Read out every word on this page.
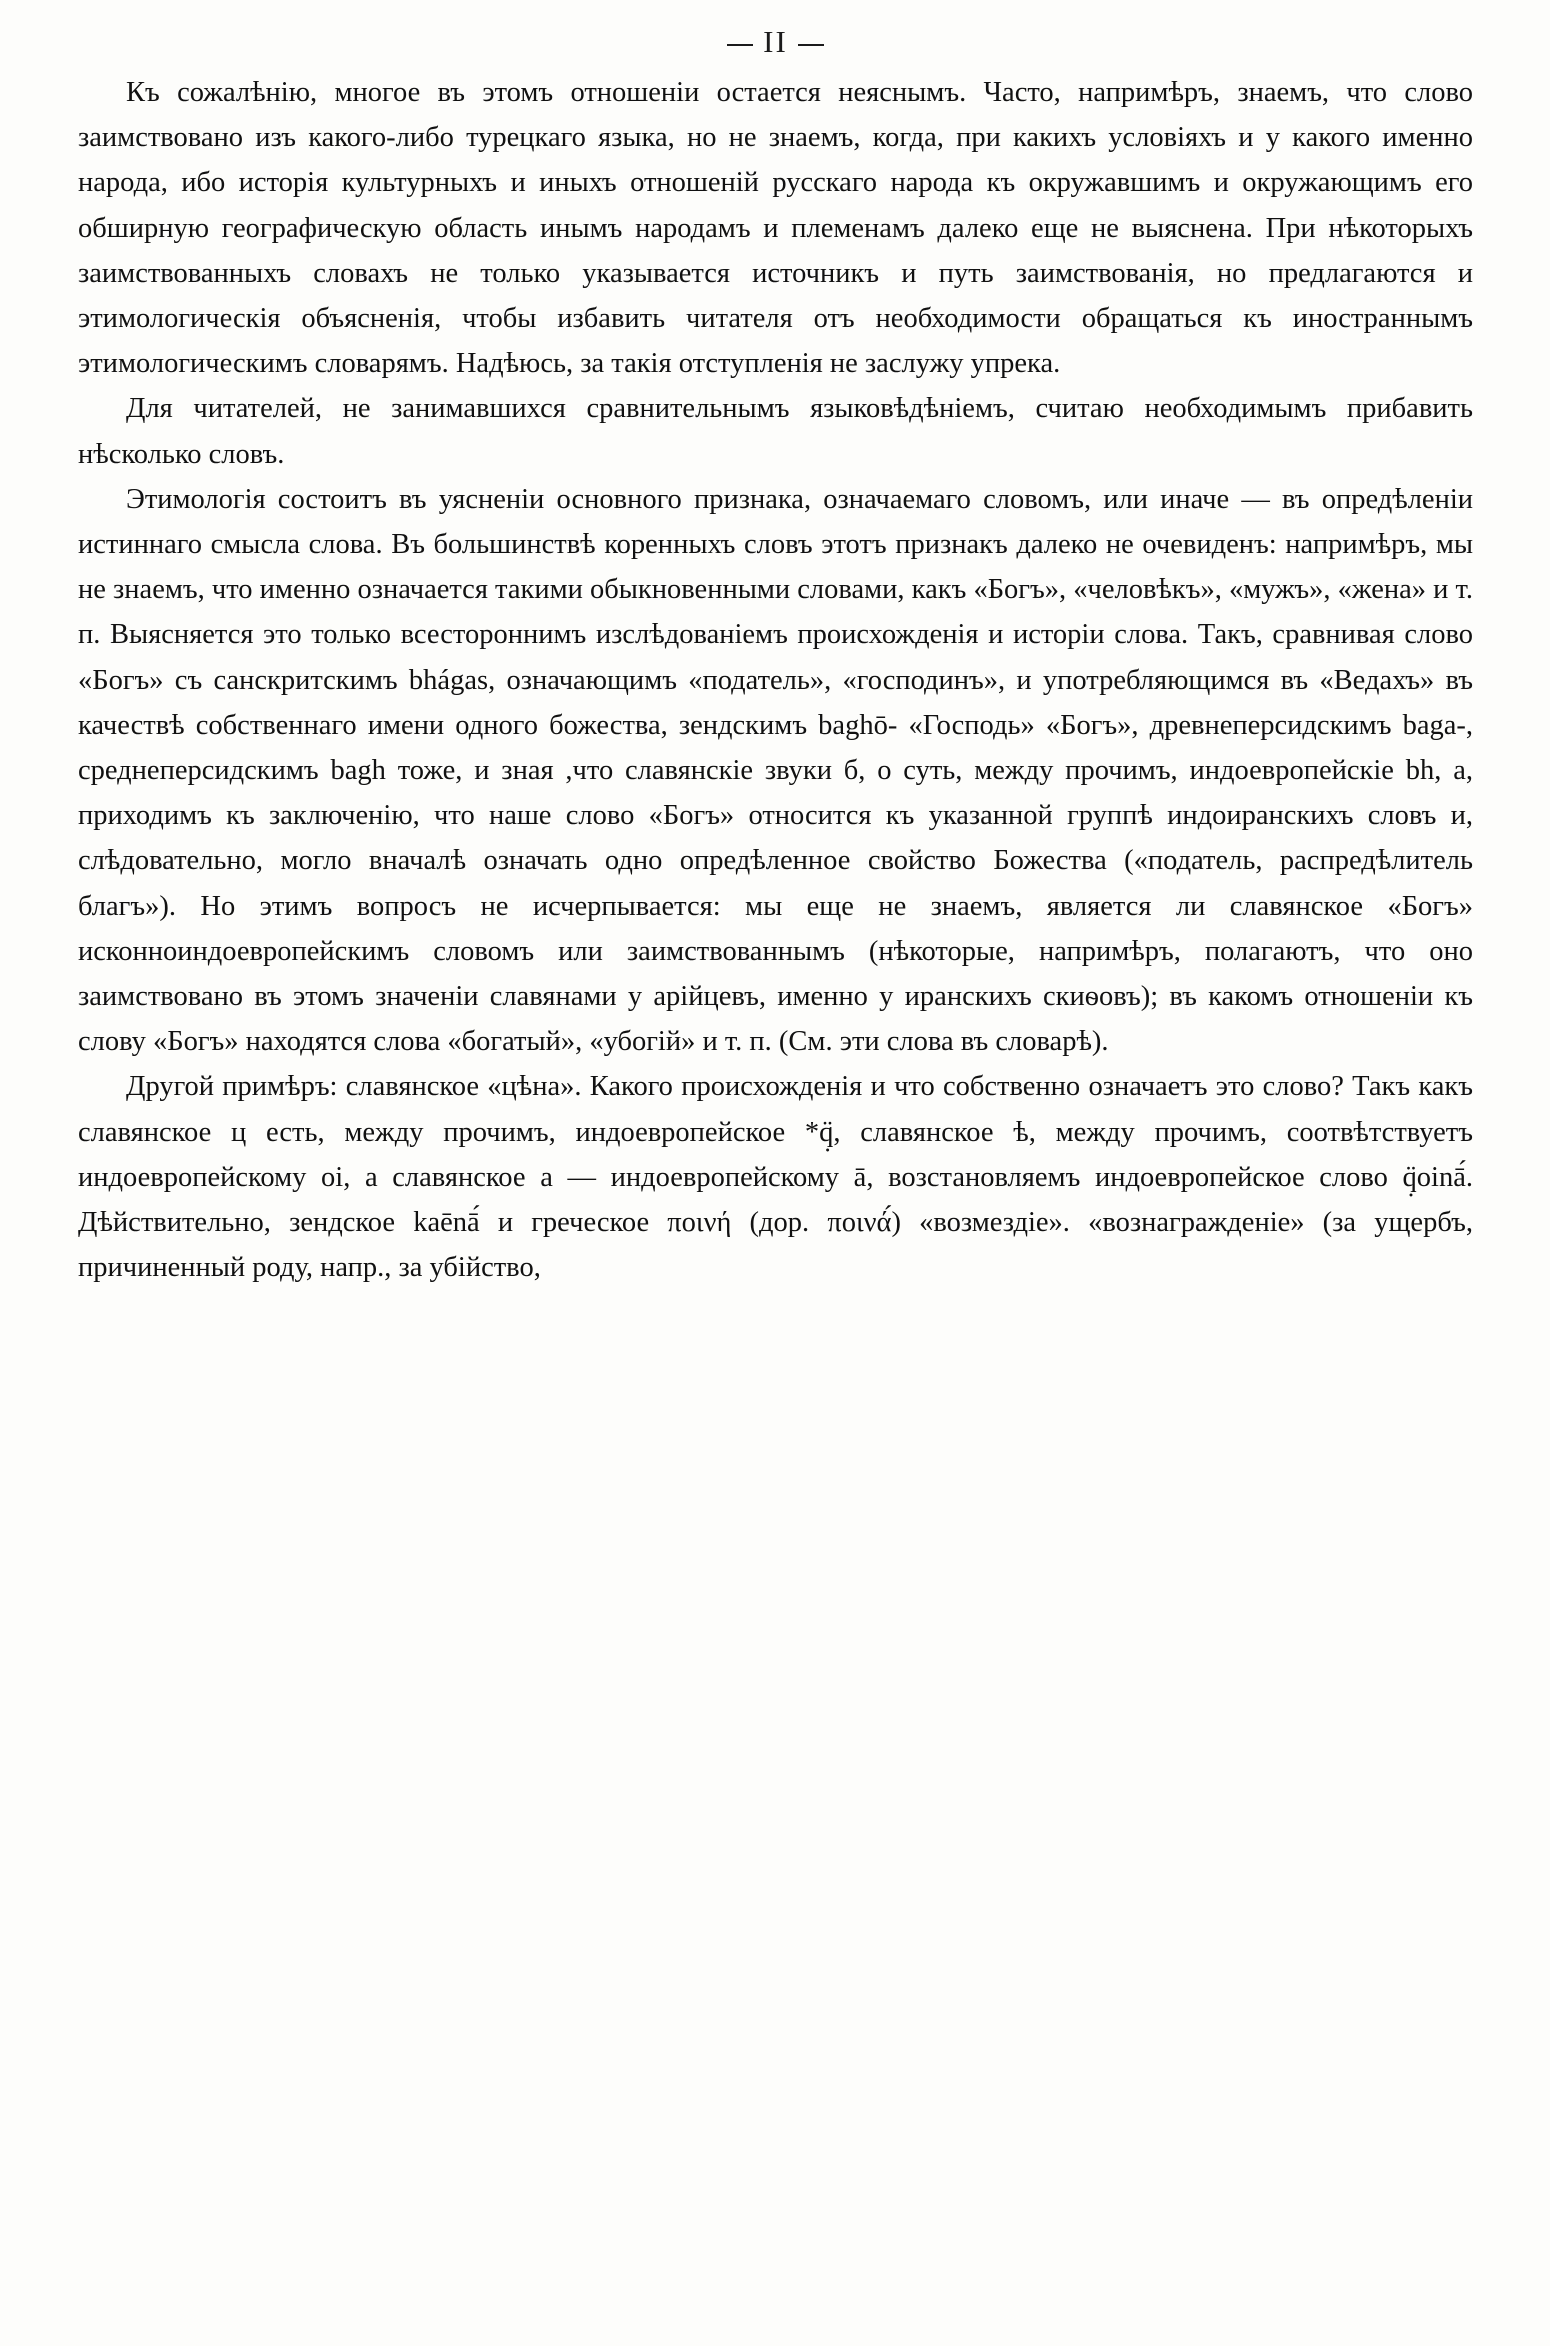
II

Къ сожалѣнію, многое въ этомъ отношеніи остается неяснымъ. Часто, напримѣръ, знаемъ, что слово заимствовано изъ какого-либо турецкаго языка, но не знаемъ, когда, при какихъ условіяхъ и у какого именно народа, ибо исторія культурныхъ и иныхъ отношеній русскаго народа къ окружавшимъ и окружающимъ его обширную географическую область инымъ народамъ и племенамъ далеко еще не выяснена. При нѣкоторыхъ заимствованныхъ словахъ не только указывается источникъ и путь заимствованія, но предлагаются и этимологическія объясненія, чтобы избавить читателя отъ необходимости обращаться къ иностраннымъ этимологическимъ словарямъ. Надѣюсь, за такія отступленія не заслужу упрека.

Для читателей, не занимавшихся сравнительнымъ языковѣдѣніемъ, считаю необходимымъ прибавить нѣсколько словъ.

Этимологія состоитъ въ уясненіи основного признака, означаемаго словомъ, или иначе — въ опредѣленіи истиннаго смысла слова. Въ большинствѣ коренныхъ словъ этотъ признакъ далеко не очевиденъ: напримѣръ, мы не знаемъ, что именно означается такими обыкновенными словами, какъ «Богъ», «человѣкъ», «мужъ», «жена» и т. п. Выясняется это только всестороннимъ изслѣдованіемъ происхожденія и исторіи слова. Такъ, сравнивая слово «Богъ» съ санскритскимъ bhágas, означающимъ «податель», «господинъ», и употребляющимся въ «Ведахъ» въ качествѣ собственнаго имени одного божества, зендскимъ baghō- «Господь» «Богъ», древнеперсидскимъ baga-, среднеперсидскимъ bagh тоже, и зная ,что славянскіе звуки б, о суть, между прочимъ, индоевропейскіе bh, а, приходимъ къ заключенію, что наше слово «Богъ» относится къ указанной группѣ индоиранскихъ словъ и, слѣдовательно, могло вначалѣ означать одно опредѣленное свойство Божества («податель, распредѣлитель благъ»). Но этимъ вопросъ не исчерпывается: мы еще не знаемъ, является ли славянское «Богъ» исконноиндоевропейскимъ словомъ или заимствованнымъ (нѣкоторые, напримѣръ, полагаютъ, что оно заимствовано въ этомъ значеніи славянами у арійцевъ, именно у иранскихъ скиѳовъ); въ какомъ отношеніи къ слову «Богъ» находятся слова «богатый», «убогій» и т. п. (См. эти слова въ словарѣ).

Другой примѣръ: славянское «цѣна». Какого происхожденія и что собственно означаетъ это слово? Такъ какъ славянское ц есть, между прочимъ, индоевропейское *q̣̈, славянское ѣ, между прочимъ, соотвѣтствуетъ индоевропейскому oi, а славянское а — индоевропейскому ā, возстановляемъ индоевропейское слово q̣̈oinā́. Дѣйствительно, зендское kaēnā́ и греческое ποινή (дор. ποινά́) «возмездіе». «вознагражденіе» (за ущербъ, причиненный роду, напр., за убійство,
